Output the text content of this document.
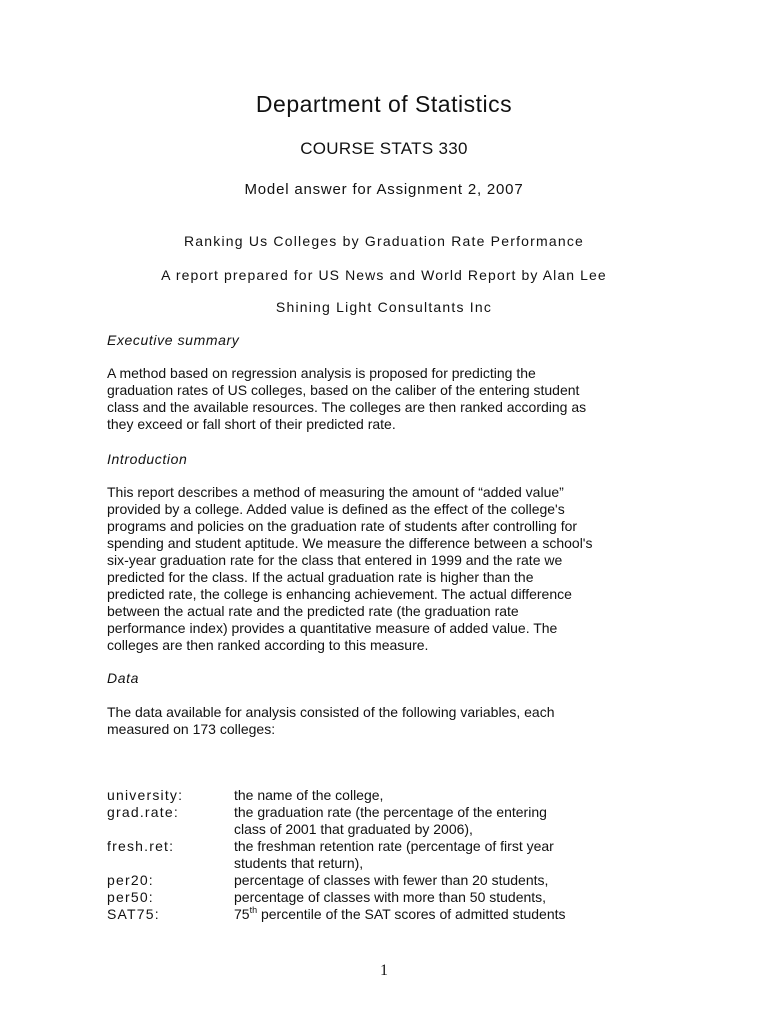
Department of Statistics
COURSE STATS 330
Model answer for Assignment 2, 2007
Ranking Us Colleges by Graduation Rate Performance
A report prepared for US News and World Report by Alan Lee
Shining Light Consultants Inc
Executive summary

A method based on regression analysis is proposed for predicting the
graduation rates of US colleges, based on the caliber of the entering student
class and the available resources. The colleges are then ranked according as
they exceed or fall short of their predicted rate.

Introduction

This report describes a method of measuring the amount of “added value”
provided by a college. Added value is defined as the effect of the college's
programs and policies on the graduation rate of students after controlling for
spending and student aptitude. We measure the difference between a school's
six-year graduation rate for the class that entered in 1999 and the rate we
predicted for the class. If the actual graduation rate is higher than the
predicted rate, the college is enhancing achievement. The actual difference
between the actual rate and the predicted rate (the graduation rate
performance index) provides a quantitative measure of added value. The
colleges are then ranked according to this measure.

Data

The data available for analysis consisted of the following variables, each
measured on 173 colleges:

university:	the name of the college,
grad.rate:	the graduation rate (the percentage of the entering
class of 2001 that graduated by 2006),
fresh.ret:	the freshman retention rate (percentage of first year
students that return),
per20:	percentage of classes with fewer than 20 students,
per50:	percentage of classes with more than 50 students,
SAT75:	75th percentile of the SAT scores of admitted students
1
